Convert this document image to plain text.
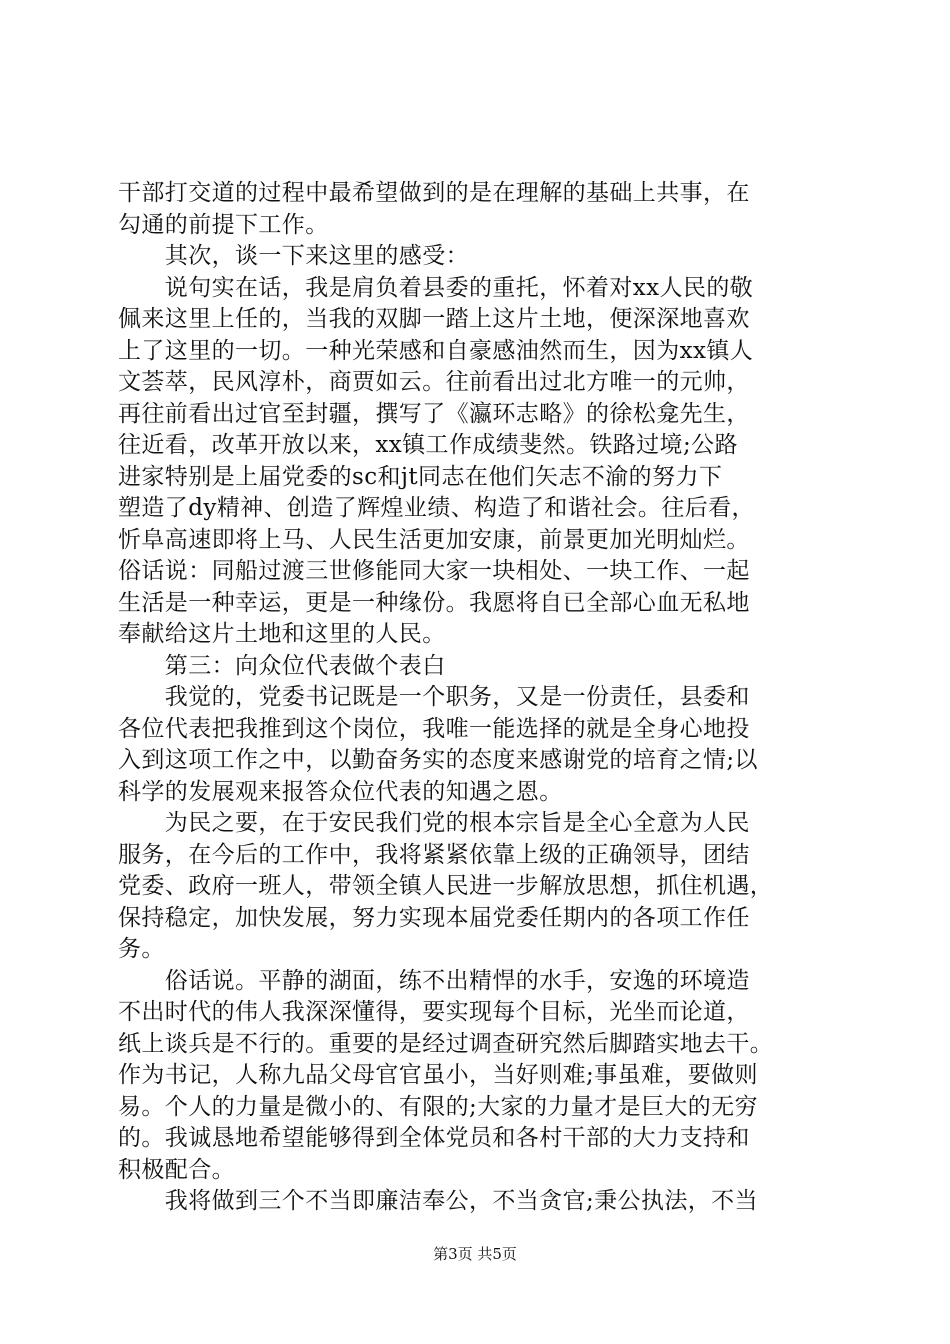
干部打交道的过程中最希望做到的是在理解的基础上共事，在
勾通的前提下工作。
　　其次，谈一下来这里的感受：
　　说句实在话，我是肩负着县委的重托，怀着对xx人民的敬
佩来这里上任的，当我的双脚一踏上这片土地，便深深地喜欢
上了这里的一切。一种光荣感和自豪感油然而生，因为xx镇人
文荟萃，民风淳朴，商贾如云。往前看出过北方唯一的元帅，
再往前看出过官至封疆，撰写了《瀛环志略》的徐松龛先生，
往近看，改革开放以来，xx镇工作成绩斐然。铁路过境;公路
进家特别是上届党委的sc和jt同志在他们矢志不渝的努力下
塑造了dy精神、创造了辉煌业绩、构造了和谐社会。往后看，
忻阜高速即将上马、人民生活更加安康，前景更加光明灿烂。
俗话说：同船过渡三世修能同大家一块相处、一块工作、一起
生活是一种幸运，更是一种缘份。我愿将自已全部心血无私地
奉献给这片土地和这里的人民。
　　第三：向众位代表做个表白
　　我觉的，党委书记既是一个职务，又是一份责任，县委和
各位代表把我推到这个岗位，我唯一能选择的就是全身心地投
入到这项工作之中，以勤奋务实的态度来感谢党的培育之情;以
科学的发展观来报答众位代表的知遇之恩。
　　为民之要，在于安民我们党的根本宗旨是全心全意为人民
服务，在今后的工作中，我将紧紧依靠上级的正确领导，团结
党委、政府一班人，带领全镇人民进一步解放思想，抓住机遇，
保持稳定，加快发展，努力实现本届党委任期内的各项工作任
务。
　　俗话说。平静的湖面，练不出精悍的水手，安逸的环境造
不出时代的伟人我深深懂得，要实现每个目标，光坐而论道，
纸上谈兵是不行的。重要的是经过调查研究然后脚踏实地去干。
作为书记，人称九品父母官官虽小，当好则难;事虽难，要做则
易。个人的力量是微小的、有限的;大家的力量才是巨大的无穷
的。我诚恳地希望能够得到全体党员和各村干部的大力支持和
积极配合。
　　我将做到三个不当即廉洁奉公，不当贪官;秉公执法，不当
第3页 共5页
